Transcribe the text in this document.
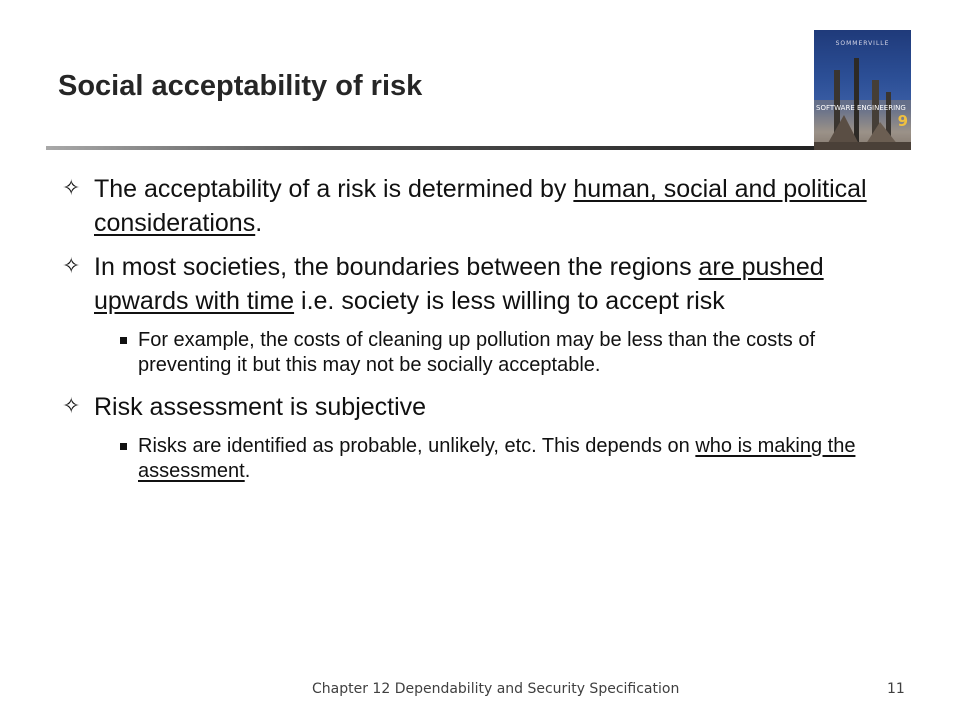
Social acceptability of risk
SOMMERVILLE
SOFTWARE ENGINEERING
9
✧ The acceptability of a risk is determined by human, social and political considerations.
✧ In most societies, the boundaries between the regions are pushed upwards with time i.e. society is less willing to accept risk
For example, the costs of cleaning up pollution may be less than the costs of preventing it but this may not be socially acceptable.
✧ Risk assessment is subjective
Risks are identified as probable, unlikely, etc. This depends on who is making the assessment.
Chapter 12 Dependability and Security Specification	11
